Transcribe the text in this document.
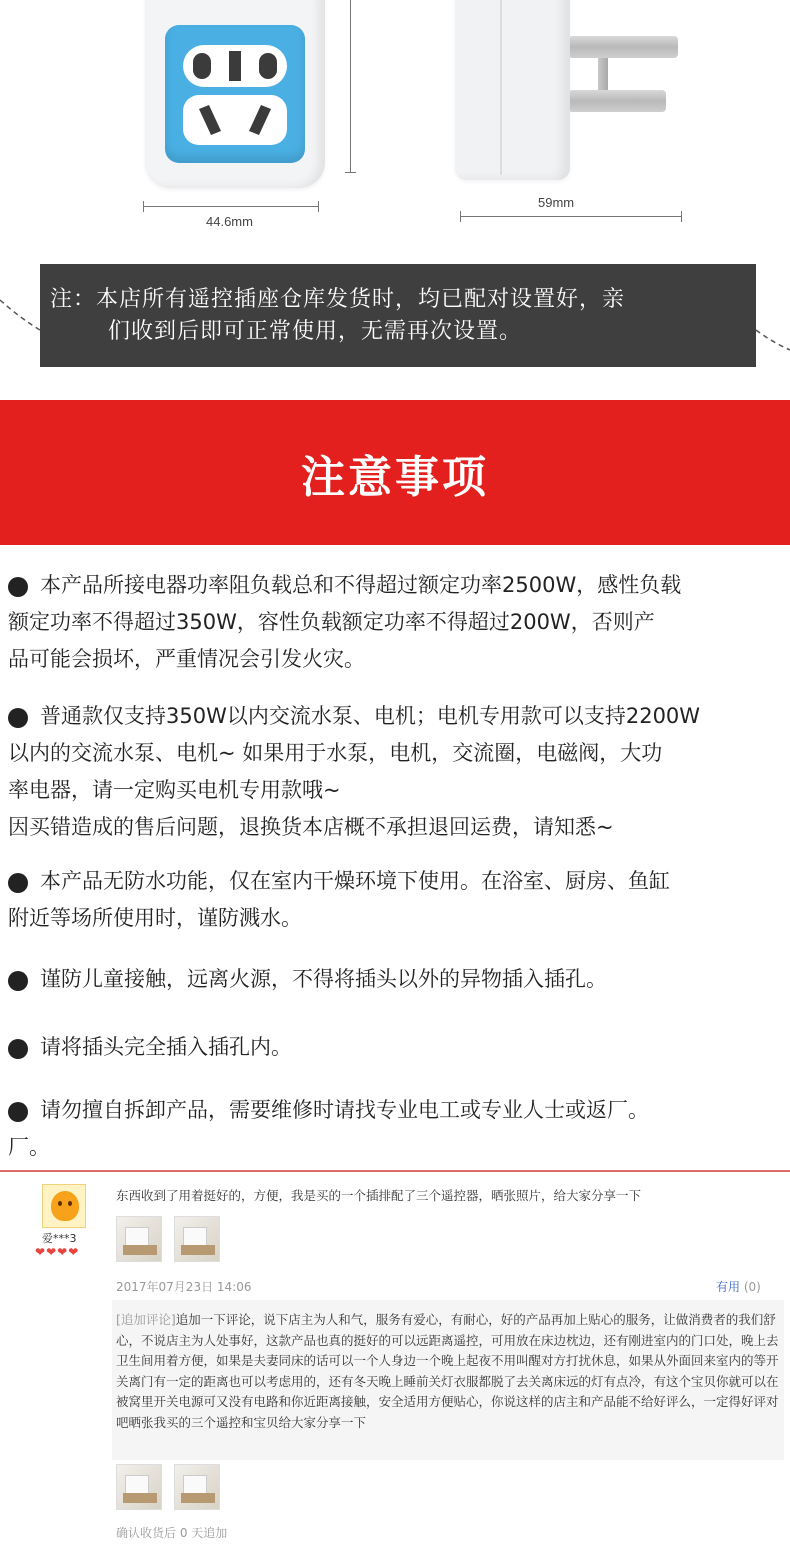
44.6mm
59mm
注：本店所有遥控插座仓库发货时，均已配对设置好，亲
们收到后即可正常使用，无需再次设置。
注意事项
本产品所接电器功率阻负载总和不得超过额定功率2500W，感性负载
额定功率不得超过350W，容性负载额定功率不得超过200W，否则产
品可能会损坏，严重情况会引发火灾。
普通款仅支持350W以内交流水泵、电机；电机专用款可以支持2200W
以内的交流水泵、电机~ 如果用于水泵，电机，交流圈，电磁阀，大功
率电器，请一定购买电机专用款哦~
因买错造成的售后问题，退换货本店概不承担退回运费，请知悉~
本产品无防水功能，仅在室内干燥环境下使用。在浴室、厨房、鱼缸
附近等场所使用时，谨防溅水。
谨防儿童接触，远离火源，不得将插头以外的异物插入插孔。
请将插头完全插入插孔内。
请勿擅自拆卸产品，需要维修时请找专业电工或专业人士或返厂。
厂。
爱***3
❤ ❤ ❤ ❤
东西收到了用着挺好的，方便，我是买的一个插排配了三个遥控器，晒张照片，给大家分享一下
2017年07月23日 14:06	有用 (0)
[追加评论]追加一下评论，说下店主为人和气，服务有爱心，有耐心，好的产品再加上贴心的服务，让做消费者的我们舒心，不说店主为人处事好，这款产品也真的挺好的可以远距离遥控，可用放在床边枕边，还有刚进室内的门口处，晚上去卫生间用着方便，如果是夫妻同床的话可以一个人身边一个晚上起夜不用叫醒对方打扰休息，如果从外面回来室内的等开关离门有一定的距离也可以考虑用的，还有冬天晚上睡前关灯衣服都脱了去关离床远的灯有点冷，有这个宝贝你就可以在被窝里开关电源可又没有电路和你近距离接触，安全适用方便贴心，你说这样的店主和产品能不给好评么，一定得好评对吧晒张我买的三个遥控和宝贝给大家分享一下
确认收货后 0 天追加
